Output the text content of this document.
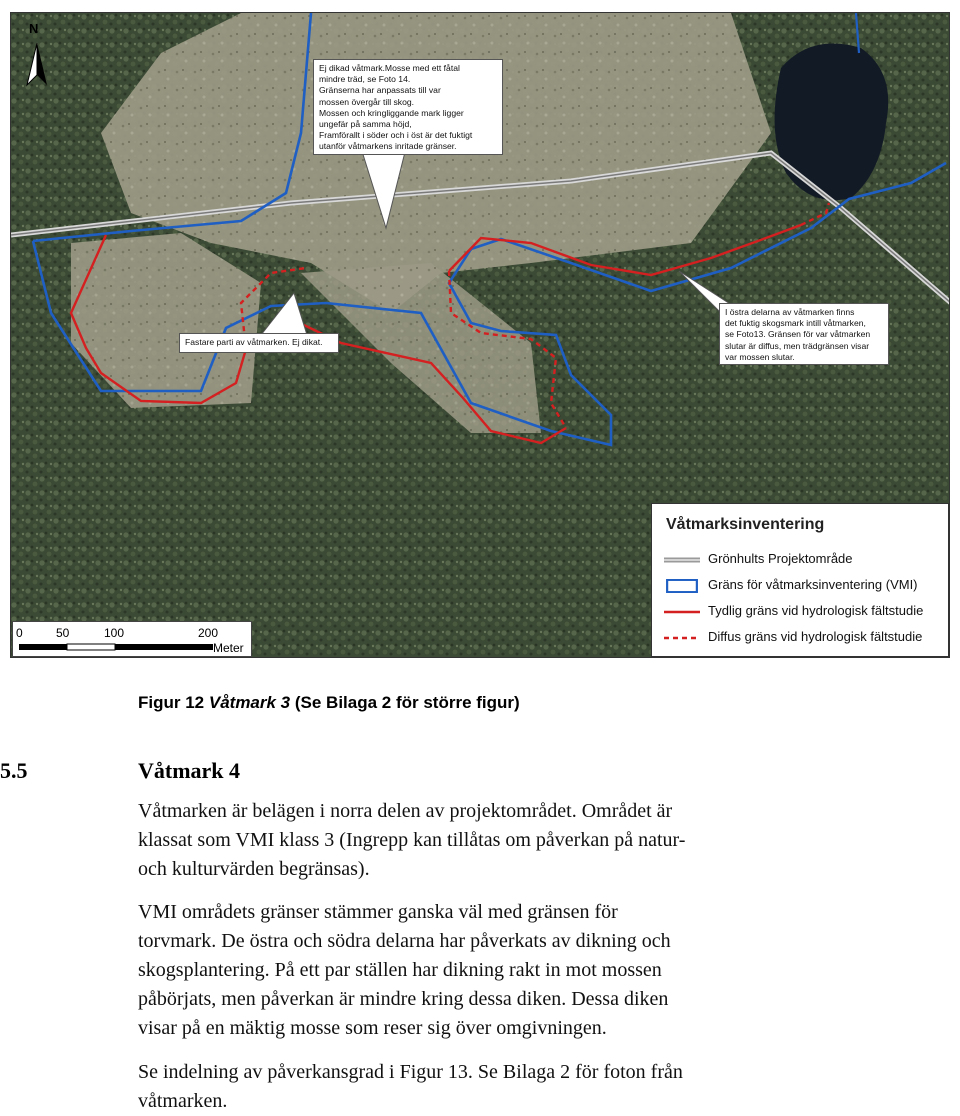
N
Ej dikad våtmark.Mosse med ett fåtal
mindre träd, se Foto 14.
Gränserna har anpassats till var
mossen övergår till skog.
Mossen och kringliggande mark ligger
ungefär på samma höjd,
Framförallt i söder och i öst är det fuktigt
utanför våtmarkens inritade gränser.
Fastare parti av våtmarken. Ej dikat.
I östra delarna av våtmarken finns
det fuktig skogsmark intill våtmarken,
se Foto13. Gränsen för var våtmarken
slutar är diffus, men trädgränsen visar
var mossen slutar.
Våtmarksinventering
Grönhults Projektområde
Gräns för våtmarksinventering (VMI)
Tydlig gräns vid hydrologisk fältstudie
Diffus gräns vid hydrologisk fältstudie
0	50	100	200
Meter
Figur 12 Våtmark 3 (Se Bilaga 2 för större figur)
5.5	Våtmark 4
Våtmarken är belägen i norra delen av projektområdet. Området är
klassat som VMI klass 3 (Ingrepp kan tillåtas om påverkan på natur-
och kulturvärden begränsas).
VMI områdets gränser stämmer ganska väl med gränsen för
torvmark. De östra och södra delarna har påverkats av dikning och
skogsplantering. På ett par ställen har dikning rakt in mot mossen
påbörjats, men påverkan är mindre kring dessa diken. Dessa diken
visar på en mäktig mosse som reser sig över omgivningen.
Se indelning av påverkansgrad i Figur 13. Se Bilaga 2 för foton från
våtmarken.
